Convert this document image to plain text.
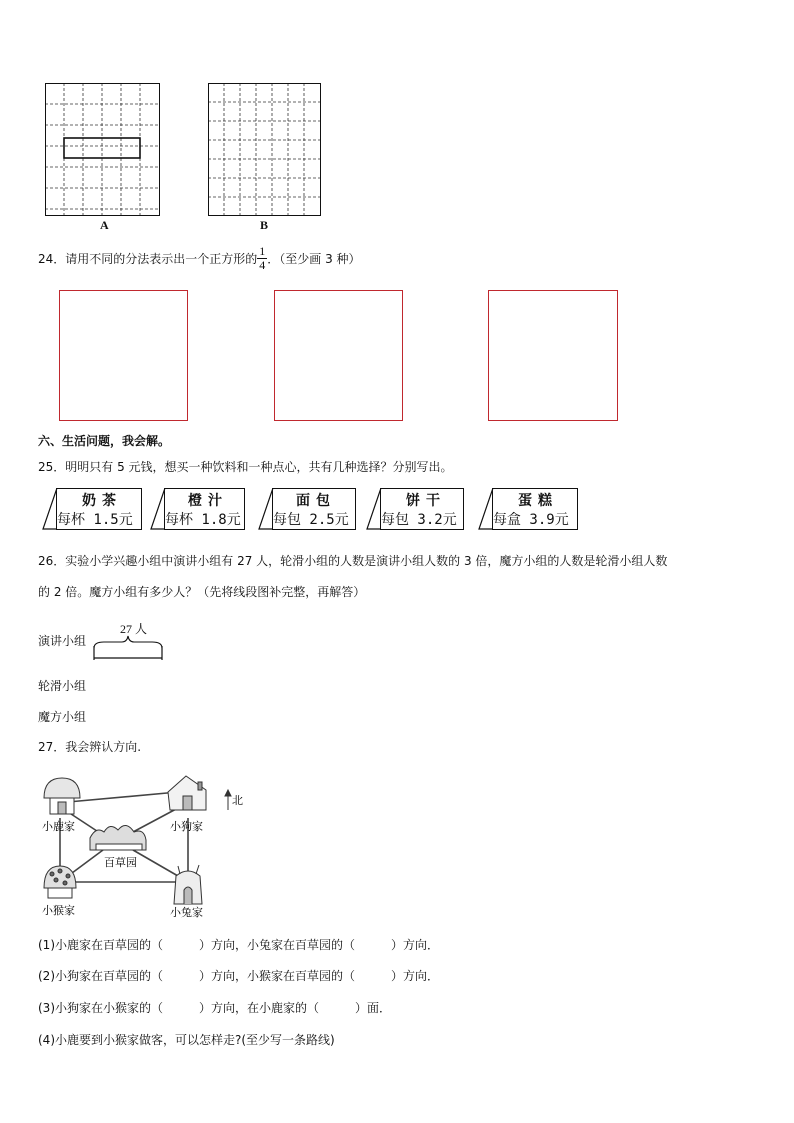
A	B
24．请用不同的分法表示出一个正方形的 $\frac{1}{4}$ ．（至少画 3 种）
六、生活问题，我会解。
25．明明只有 5 元钱，想买一种饮料和一种点心，共有几种选择？分别写出。
奶茶
每杯 1.5元
橙汁
每杯 1.8元
面包
每包 2.5元
饼干
每包 3.2元
蛋糕
每盒 3.9元
26．实验小学兴趣小组中演讲小组有 27 人，轮滑小组的人数是演讲小组人数的 3 倍，魔方小组的人数是轮滑小组人数
的 2 倍。魔方小组有多少人？（先将线段图补完整，再解答）
演讲小组
27 人
轮滑小组
魔方小组
27．我会辨认方向.
北
小鹿家	小狗家
百草园
小猴家	小兔家
(1)小鹿家在百草园的（　　　）方向，小兔家在百草园的（　　　）方向．
(2)小狗家在百草园的（　　　）方向，小猴家在百草园的（　　　）方向．
(3)小狗家在小猴家的（　　　）方向，在小鹿家的（　　　）面．
(4)小鹿要到小猴家做客，可以怎样走?(至少写一条路线)
